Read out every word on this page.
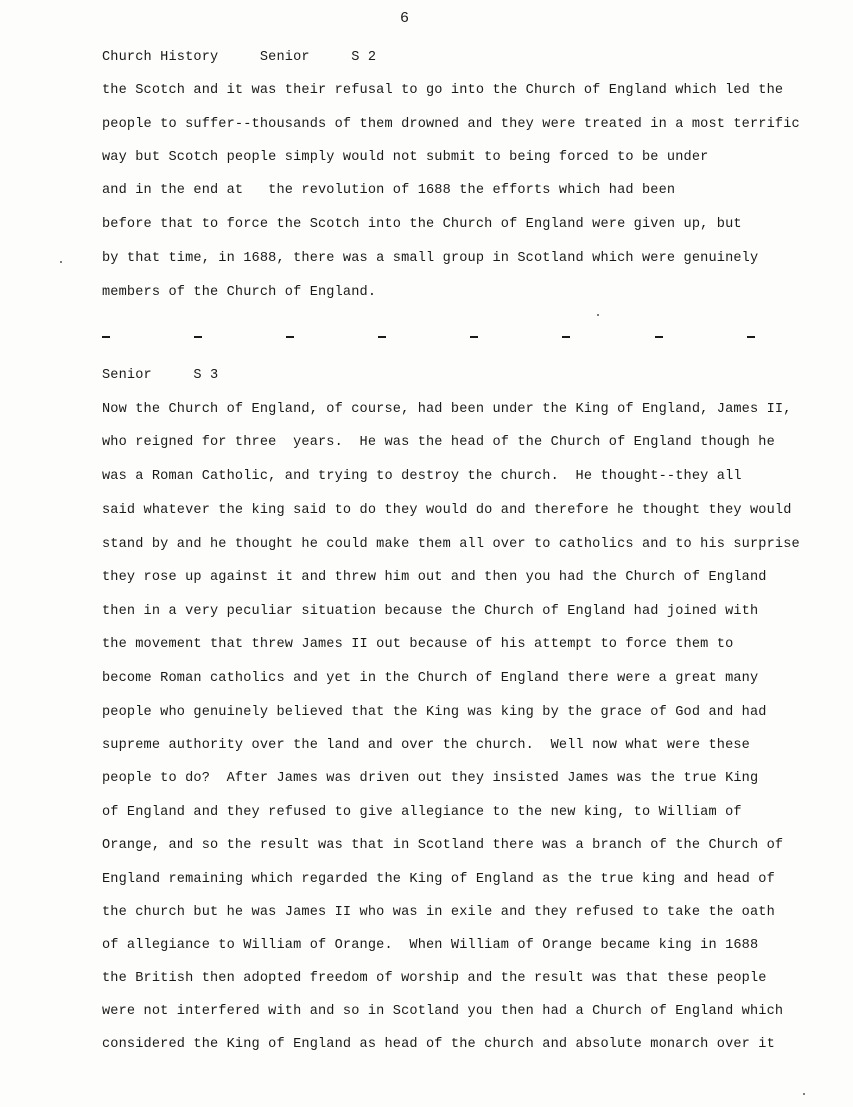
6
Church History     Senior     S 2
the Scotch and it was their refusal to go into the Church of England which led the
people to suffer--thousands of them drowned and they were treated in a most terrific
way but Scotch people simply would not submit to being forced to be under
and in the end at   the revolution of 1688 the efforts which had been
before that to force the Scotch into the Church of England were given up, but
by that time, in 1688, there was a small group in Scotland which were genuinely
members of the Church of England.
Senior     S 3
Now the Church of England, of course, had been under the King of England, James II,
who reigned for three  years.  He was the head of the Church of England though he
was a Roman Catholic, and trying to destroy the church.  He thought--they all
said whatever the king said to do they would do and therefore he thought they would
stand by and he thought he could make them all over to catholics and to his surprise
they rose up against it and threw him out and then you had the Church of England
then in a very peculiar situation because the Church of England had joined with
the movement that threw James II out because of his attempt to force them to
become Roman catholics and yet in the Church of England there were a great many
people who genuinely believed that the King was king by the grace of God and had
supreme authority over the land and over the church.  Well now what were these
people to do?  After James was driven out they insisted James was the true King
of England and they refused to give allegiance to the new king, to William of
Orange, and so the result was that in Scotland there was a branch of the Church of
England remaining which regarded the King of England as the true king and head of
the church but he was James II who was in exile and they refused to take the oath
of allegiance to William of Orange.  When William of Orange became king in 1688
the British then adopted freedom of worship and the result was that these people
were not interfered with and so in Scotland you then had a Church of England which
considered the King of England as head of the church and absolute monarch over it
